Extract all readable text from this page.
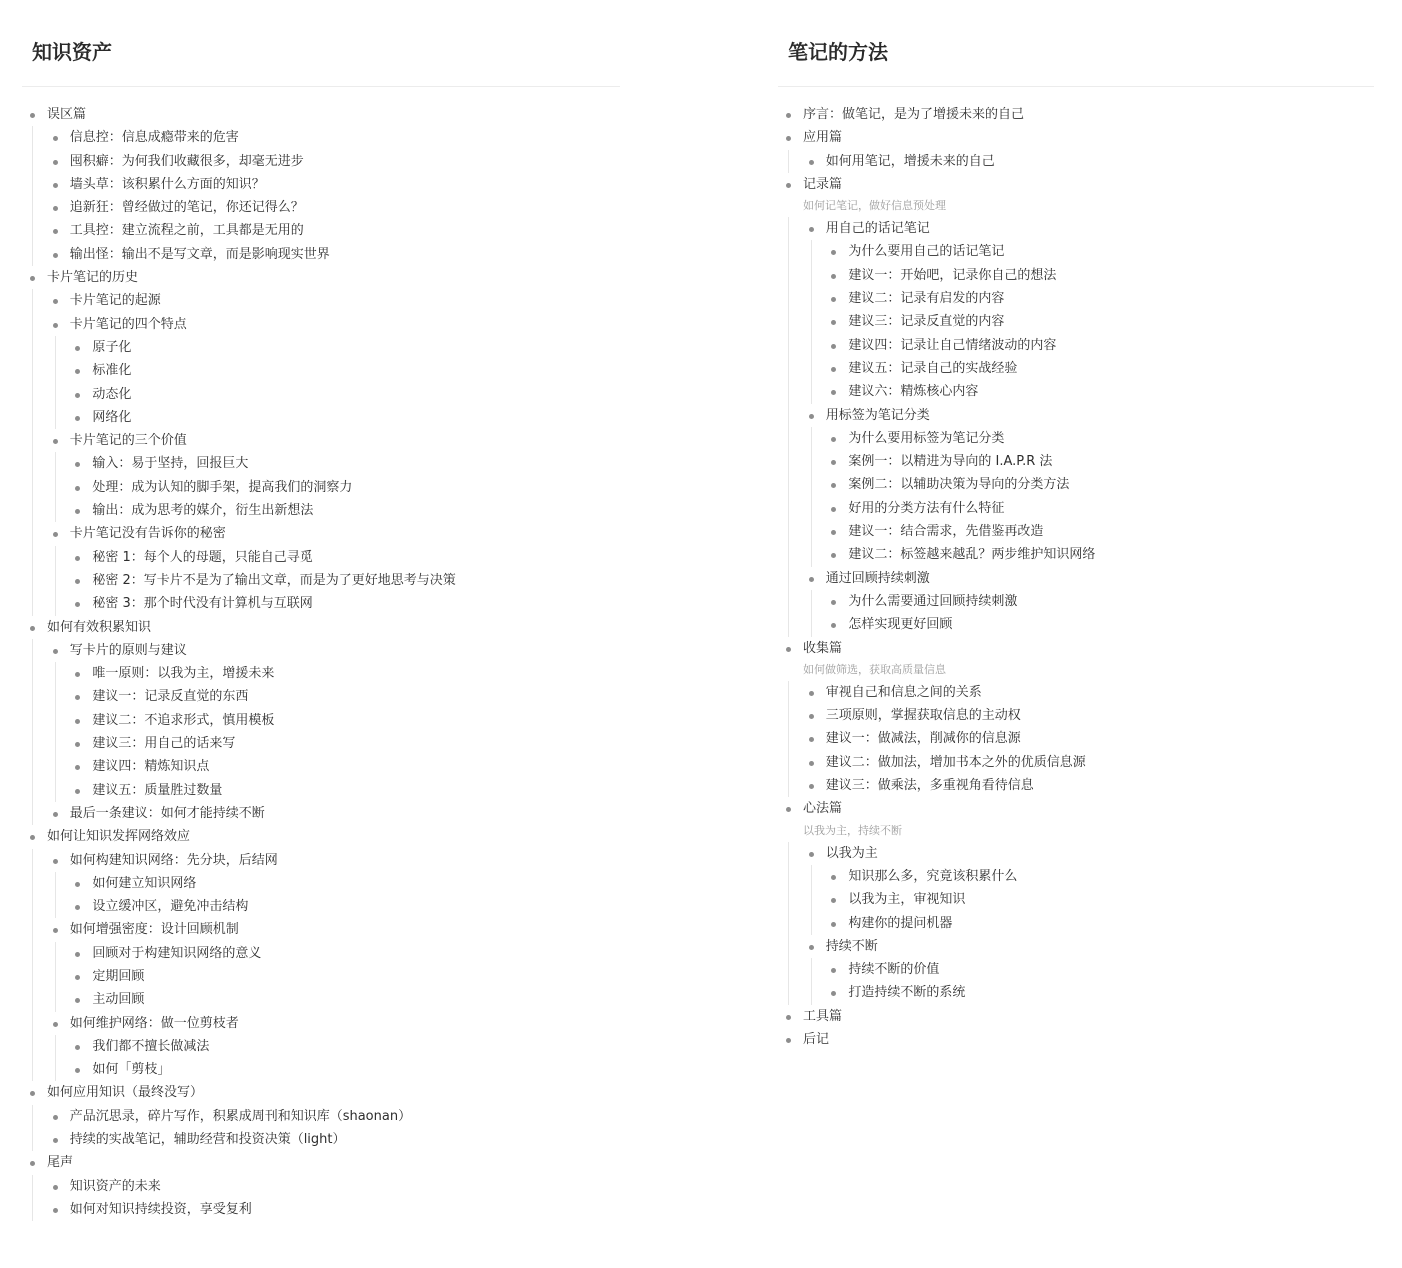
知识资产
误区篇
信息控：信息成瘾带来的危害
囤积癖：为何我们收藏很多，却毫无进步
墙头草：该积累什么方面的知识？
追新狂：曾经做过的笔记，你还记得么？
工具控：建立流程之前，工具都是无用的
输出怪：输出不是写文章，而是影响现实世界
卡片笔记的历史
卡片笔记的起源
卡片笔记的四个特点
原子化
标准化
动态化
网络化
卡片笔记的三个价值
输入：易于坚持，回报巨大
处理：成为认知的脚手架，提高我们的洞察力
输出：成为思考的媒介，衍生出新想法
卡片笔记没有告诉你的秘密
秘密 1：每个人的母题，只能自己寻觅
秘密 2：写卡片不是为了输出文章，而是为了更好地思考与决策
秘密 3：那个时代没有计算机与互联网
如何有效积累知识
写卡片的原则与建议
唯一原则：以我为主，增援未来
建议一：记录反直觉的东西
建议二：不追求形式，慎用模板
建议三：用自己的话来写
建议四：精炼知识点
建议五：质量胜过数量
最后一条建议：如何才能持续不断
如何让知识发挥网络效应
如何构建知识网络：先分块，后结网
如何建立知识网络
设立缓冲区，避免冲击结构
如何增强密度：设计回顾机制
回顾对于构建知识网络的意义
定期回顾
主动回顾
如何维护网络：做一位剪枝者
我们都不擅长做减法
如何「剪枝」
如何应用知识（最终没写）
产品沉思录，碎片写作，积累成周刊和知识库（shaonan）
持续的实战笔记，辅助经营和投资决策（light）
尾声
知识资产的未来
如何对知识持续投资，享受复利
笔记的方法
序言：做笔记，是为了增援未来的自己
应用篇
如何用笔记，增援未来的自己
记录篇
如何记笔记，做好信息预处理
用自己的话记笔记
为什么要用自己的话记笔记
建议一：开始吧，记录你自己的想法
建议二：记录有启发的内容
建议三：记录反直觉的内容
建议四：记录让自己情绪波动的内容
建议五：记录自己的实战经验
建议六：精炼核心内容
用标签为笔记分类
为什么要用标签为笔记分类
案例一：以精进为导向的 I.A.P.R 法
案例二：以辅助决策为导向的分类方法
好用的分类方法有什么特征
建议一：结合需求，先借鉴再改造
建议二：标签越来越乱？两步维护知识网络
通过回顾持续刺激
为什么需要通过回顾持续刺激
怎样实现更好回顾
收集篇
如何做筛选，获取高质量信息
审视自己和信息之间的关系
三项原则，掌握获取信息的主动权
建议一：做减法，削减你的信息源
建议二：做加法，增加书本之外的优质信息源
建议三：做乘法，多重视角看待信息
心法篇
以我为主，持续不断
以我为主
知识那么多，究竟该积累什么
以我为主，审视知识
构建你的提问机器
持续不断
持续不断的价值
打造持续不断的系统
工具篇
后记
